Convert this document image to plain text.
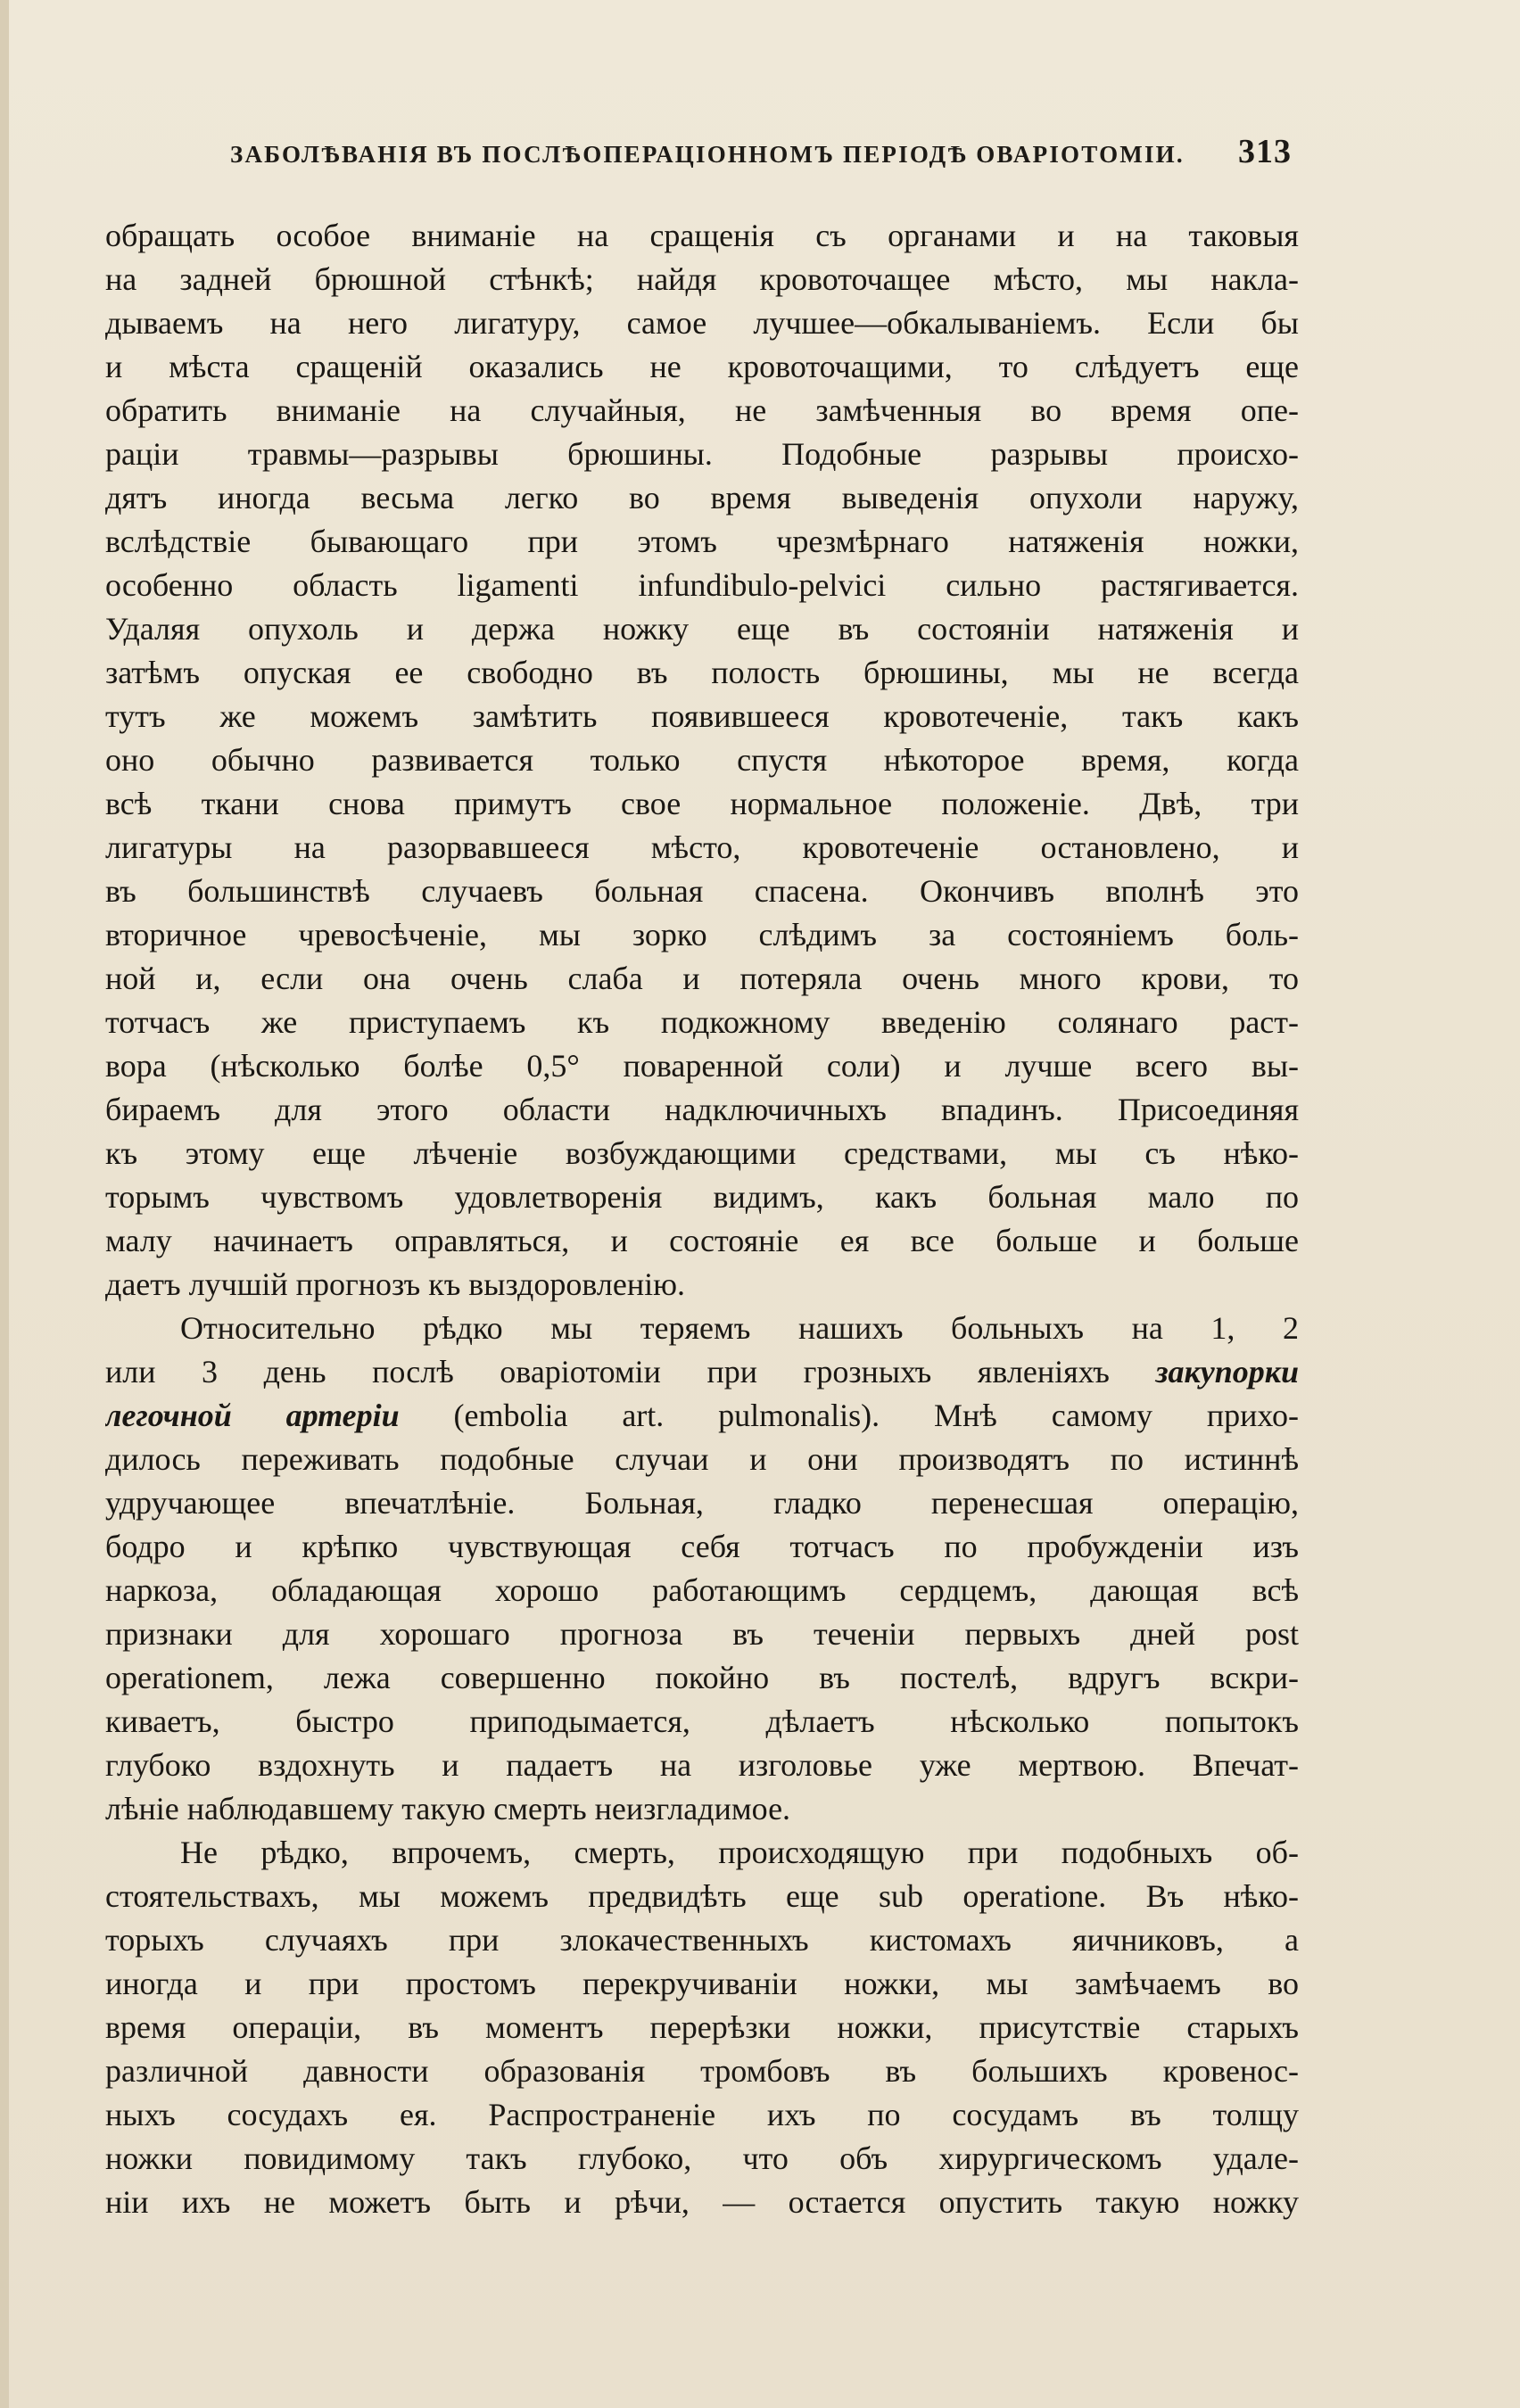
ЗАБОЛѢВАНІЯ ВЪ ПОСЛѢОПЕРАЦІОННОМЪ ПЕРІОДѢ ОВАРІОТОМІИ. 313
обращать особое вниманіе на сращенія съ органами и на таковыя
на задней брюшной стѣнкѣ; найдя кровоточащее мѣсто, мы накла-
дываемъ на него лигатуру, самое лучшее—обкалываніемъ. Если бы
и мѣста сращеній оказались не кровоточащими, то слѣдуетъ еще
обратить вниманіе на случайныя, не замѣченныя во время опе-
раціи травмы—разрывы брюшины. Подобные разрывы происхо-
дятъ иногда весьма легко во время выведенія опухоли наружу,
вслѣдствіе бывающаго при этомъ чрезмѣрнаго натяженія ножки,
особенно область ligamenti infundibulo-pelvici сильно растягивается.
Удаляя опухоль и держа ножку еще въ состояніи натяженія и
затѣмъ опуская ее свободно въ полость брюшины, мы не всегда
тутъ же можемъ замѣтить появившееся кровотеченіе, такъ какъ
оно обычно развивается только спустя нѣкоторое время, когда
всѣ ткани снова примутъ свое нормальное положеніе. Двѣ, три
лигатуры на разорвавшееся мѣсто, кровотеченіе остановлено, и
въ большинствѣ случаевъ больная спасена. Окончивъ вполнѣ это
вторичное чревосѣченіе, мы зорко слѣдимъ за состояніемъ боль-
ной и, если она очень слаба и потеряла очень много крови, то
тотчасъ же приступаемъ къ подкожному введенію солянаго раст-
вора (нѣсколько болѣе 0,5° поваренной соли) и лучше всего вы-
бираемъ для этого области надключичныхъ впадинъ. Присоединяя
къ этому еще лѣченіе возбуждающими средствами, мы съ нѣко-
торымъ чувствомъ удовлетворенія видимъ, какъ больная мало по
малу начинаетъ оправляться, и состояніе ея все больше и больше
даетъ лучшій прогнозъ къ выздоровленію.
Относительно рѣдко мы теряемъ нашихъ больныхъ на 1, 2
или 3 день послѣ оваріотоміи при грозныхъ явленіяхъ закупорки
легочной артеріи (embolia art. pulmonalis). Мнѣ самому прихо-
дилось переживать подобные случаи и они производятъ по истиннѣ
удручающее впечатлѣніе. Больная, гладко перенесшая операцію,
бодро и крѣпко чувствующая себя тотчасъ по пробужденіи изъ
наркоза, обладающая хорошо работающимъ сердцемъ, дающая всѣ
признаки для хорошаго прогноза въ теченіи первыхъ дней post
operationem, лежа совершенно покойно въ постелѣ, вдругъ вскри-
киваетъ, быстро приподымается, дѣлаетъ нѣсколько попытокъ
глубоко вздохнуть и падаетъ на изголовье уже мертвою. Впечат-
лѣніе наблюдавшему такую смерть неизгладимое.
Не рѣдко, впрочемъ, смерть, происходящую при подобныхъ об-
стоятельствахъ, мы можемъ предвидѣть еще sub operatione. Въ нѣко-
торыхъ случаяхъ при злокачественныхъ кистомахъ яичниковъ, а
иногда и при простомъ перекручиваніи ножки, мы замѣчаемъ во
время операціи, въ моментъ перерѣзки ножки, присутствіе старыхъ
различной давности образованія тромбовъ въ большихъ кровенос-
ныхъ сосудахъ ея. Распространеніе ихъ по сосудамъ въ толщу
ножки повидимому такъ глубоко, что объ хирургическомъ удале-
ніи ихъ не можетъ быть и рѣчи, — остается опустить такую ножку
